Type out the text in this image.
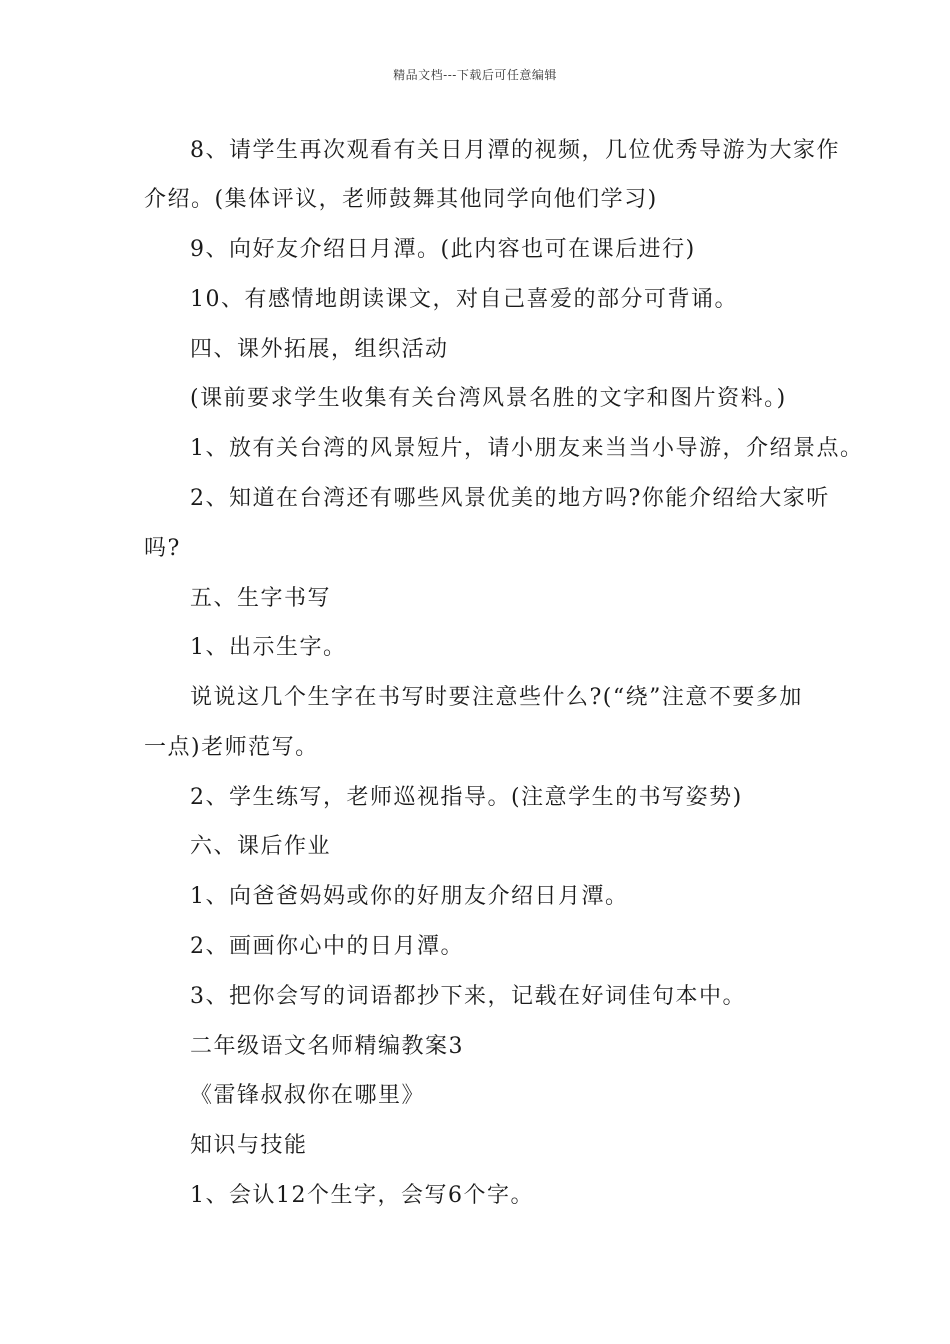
精品文档---下载后可任意编辑
8、请学生再次观看有关日月潭的视频，几位优秀导游为大家作
介绍。(集体评议，老师鼓舞其他同学向他们学习)
9、向好友介绍日月潭。(此内容也可在课后进行)
10、有感情地朗读课文，对自己喜爱的部分可背诵。
四、课外拓展，组织活动
(课前要求学生收集有关台湾风景名胜的文字和图片资料。)
1、放有关台湾的风景短片，请小朋友来当当小导游，介绍景点。
2、知道在台湾还有哪些风景优美的地方吗?你能介绍给大家听
吗?
五、生字书写
1、出示生字。
说说这几个生字在书写时要注意些什么?(“绕”注意不要多加
一点)老师范写。
2、学生练写，老师巡视指导。(注意学生的书写姿势)
六、课后作业
1、向爸爸妈妈或你的好朋友介绍日月潭。
2、画画你心中的日月潭。
3、把你会写的词语都抄下来，记载在好词佳句本中。
二年级语文名师精编教案3
《雷锋叔叔你在哪里》
知识与技能
1、会认12个生字，会写6个字。
